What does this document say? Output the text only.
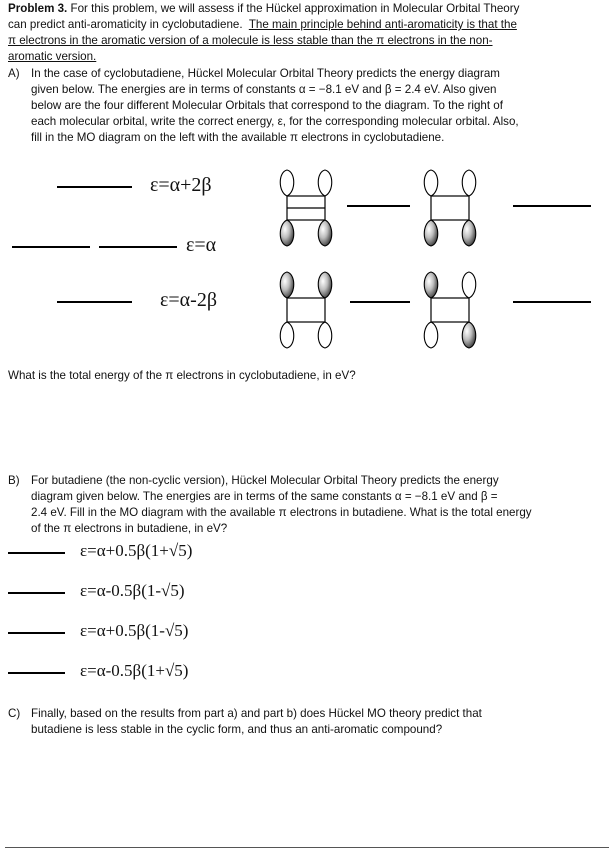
Problem 3. For this problem, we will assess if the Hückel approximation in Molecular Orbital Theory
can predict anti-aromaticity in cyclobutadiene. The main principle behind anti-aromaticity is that the
π electrons in the aromatic version of a molecule is less stable than the π electrons in the non-
aromatic version.
A) In the case of cyclobutadiene, Hückel Molecular Orbital Theory predicts the energy diagram
given below. The energies are in terms of constants α = −8.1 eV and β = 2.4 eV. Also given
below are the four different Molecular Orbitals that correspond to the diagram. To the right of
each molecular orbital, write the correct energy, ε, for the corresponding molecular orbital. Also,
fill in the MO diagram on the left with the available π electrons in cyclobutadiene.
ε=α+2β
ε=α
ε=α-2β
What is the total energy of the π electrons in cyclobutadiene, in eV?
B) For butadiene (the non-cyclic version), Hückel Molecular Orbital Theory predicts the energy
diagram given below. The energies are in terms of the same constants α = −8.1 eV and β =
2.4 eV. Fill in the MO diagram with the available π electrons in butadiene. What is the total energy
of the π electrons in butadiene, in eV?
ε=α+0.5β(1+√5)
ε=α-0.5β(1-√5)
ε=α+0.5β(1-√5)
ε=α-0.5β(1+√5)
C) Finally, based on the results from part a) and part b) does Hückel MO theory predict that
butadiene is less stable in the cyclic form, and thus an anti-aromatic compound?
